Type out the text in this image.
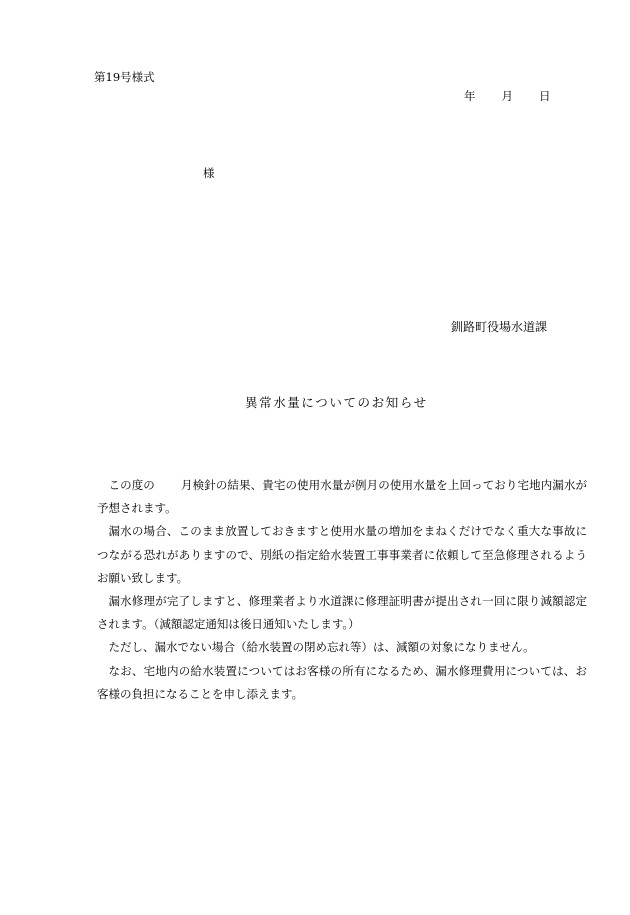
第19号様式
年 月 日
様
釧路町役場水道課
異常水量についてのお知らせ

この度の 月検針の結果、貴宅の使用水量が例月の使用水量を上回っており宅地内漏水が予想されます。

漏水の場合、このまま放置しておきますと使用水量の増加をまねくだけでなく重大な事故につながる恐れがありますので、別紙の指定給水装置工事事業者に依頼して至急修理されるようお願い致します。

漏水修理が完了しますと、修理業者より水道課に修理証明書が提出され一回に限り減額認定されます。（減額認定通知は後日通知いたします。）

ただし、漏水でない場合（給水装置の閉め忘れ等）は、減額の対象になりません。

なお、宅地内の給水装置についてはお客様の所有になるため、漏水修理費用については、お客様の負担になることを申し添えます。
